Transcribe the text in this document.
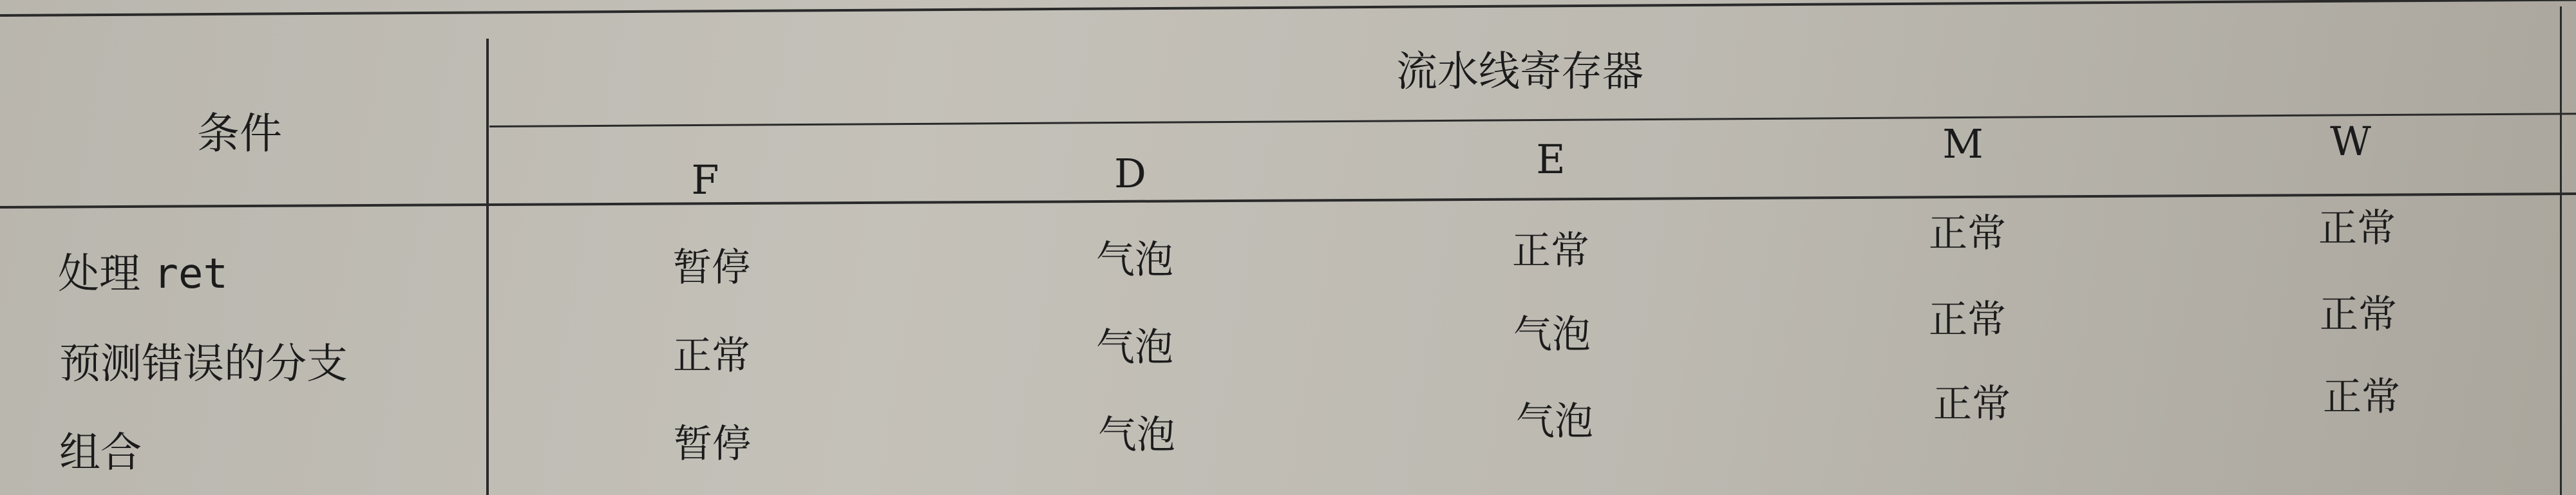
条件
流水线寄存器
F	D	E	M	W
处理 ret	暂停	气泡	正常	正常	正常
预测错误的分支	正常	气泡	气泡	正常	正常
组合	暂停	气泡	气泡	正常	正常
